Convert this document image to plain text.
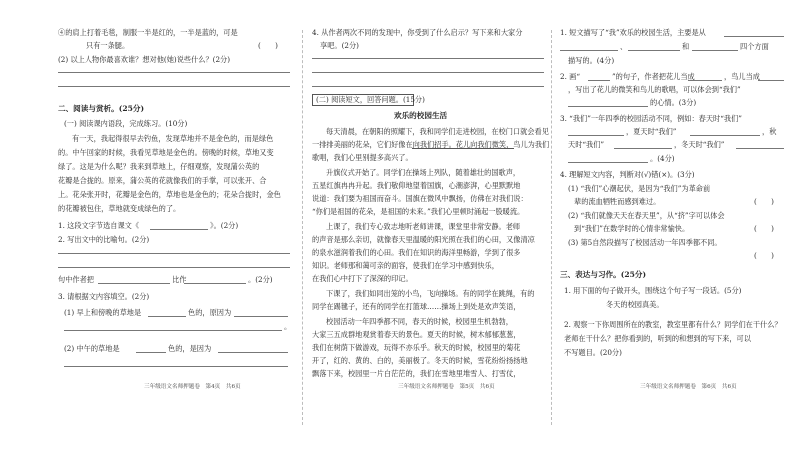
④的肩上打着毛毯，制服一半是红的，一半是蓝的，可是
只有一条腿。	(　　)
(2) 以上人物你最喜欢谁？想对他(她)说些什么？(2分)
二、阅读与赏析。(25分)
(一) 阅读课内语段，完成练习。(10分)
有一天，我起得很早去钓鱼，发现草地并不是金色的，而是绿色
的。中午回家的时候，我看见草地是金色的。傍晚的时候，草地又变
绿了。这是为什么呢？我来到草地上，仔细观察，发现蒲公英的
花瓣是合拢的。原来，蒲公英的花就像我们的手掌，可以张开、合
上。花朵张开时，花瓣是金色的，草地也是金色的；花朵合拢时，金色
的花瓣被包住，草地就变成绿色的了。
1. 这段文字节选自课文《	》。(2分)
2. 写出文中的比喻句。(2分)
句中作者把	比作	。(2分)
3. 请根据文内容填空。(2分)
(1) 早上和傍晚的草地是	色的，原因为
。
(2) 中午的草地是	色的，是因为
三年级语文名师押题卷　第4页　共6页
4. 从作者两次不同的发现中，你受到了什么启示？写下来和大家分
享吧。(2分)
(二) 阅读短文，回答问题。(15分)
欢乐的校园生活
每天清晨，在朝阳的照耀下，我和同学们走进校园，在校门口就会看见
一排排美丽的花朵，它们好像在向我们招手。花儿向我们微笑，鸟儿为我们
歌唱，我们心里别提多高兴了。
升旗仪式开始了。同学们在操场上列队，随着雄壮的国歌声，
五星红旗冉冉升起。我们敬仰地望着国旗，心潮澎湃，心里默默地
说道：我们要为祖国而奋斗。国旗在微风中飘扬，仿佛在对我们说：
“你们是祖国的花朵，是祖国的未来。”我们心里顿时涌起一股暖流。
上课了，我们专心致志地听老师讲课，课堂里非常安静。老师
的声音是那么亲切，就像春天里温暖的阳光照在我们的心田，又像清凉
的泉水滋润着我们的心田。我们在知识的海洋里畅游，学到了很多
知识。老师那和蔼可亲的面容，使我们在学习中感到快乐，
在我们心中打下了深深的印记。
下课了，我们如同出笼的小鸟，飞向操场。有的同学在跳绳，有的
同学在踢毽子，还有的同学在打篮球……操场上到处是欢声笑语，
校园活动一年四季都不同，春天的时候，校园里生机勃勃，
大家三五成群地观赏着春天的景色。夏天的时候，树木郁郁葱葱，
我们在树荫下做游戏，玩得不亦乐乎。秋天的时候，校园里的菊花
开了，红的、黄的、白的，美丽极了。冬天的时候，雪花纷纷扬扬地
飘落下来，校园里一片白茫茫的，我们在雪地里堆雪人、打雪仗，
三年级语文名师押题卷　第5页　共6页
1. 短文描写了“我”欢乐的校园生活，主要是从
、	和	四个方面
描写的。(4分)
2. 画“	”的句子，作者把花儿当成	，鸟儿当成
，写出了花儿的微笑和鸟儿的歌唱，可以体会到“我们”
的心情。(3分)
3. “我们”一年四季的校园活动不同，例如：春天时“我们”
，夏天时“我们”	，秋
天时“我们”	，冬天时“我们”
。(4分)
4. 理解短文内容，判断对(√)错(×)。(3分)
(1) “我们”心潮起伏，是因为“我们”为革命前
辈的流血牺牲而感到难过。	(　　)
(2) “我们就像天天在春天里”，从“挤”字可以体会
到“我们”在数学时的心情非常愉快。	(　　)
(3) 第5自然段描写了校园活动一年四季都不同。
(　　)
三、表达与习作。(25分)
1. 用下面的句子做开头，围绕这个句子写一段话。(5分)
冬天的校园真美。
2. 观察一下你周围所在的教室，教室里都有什么？同学们在干什么？
老师在干什么？把你看到的，听到的和想到的写下来，可以
不写题目。(20分)
三年级语文名师押题卷　第6页　共6页
